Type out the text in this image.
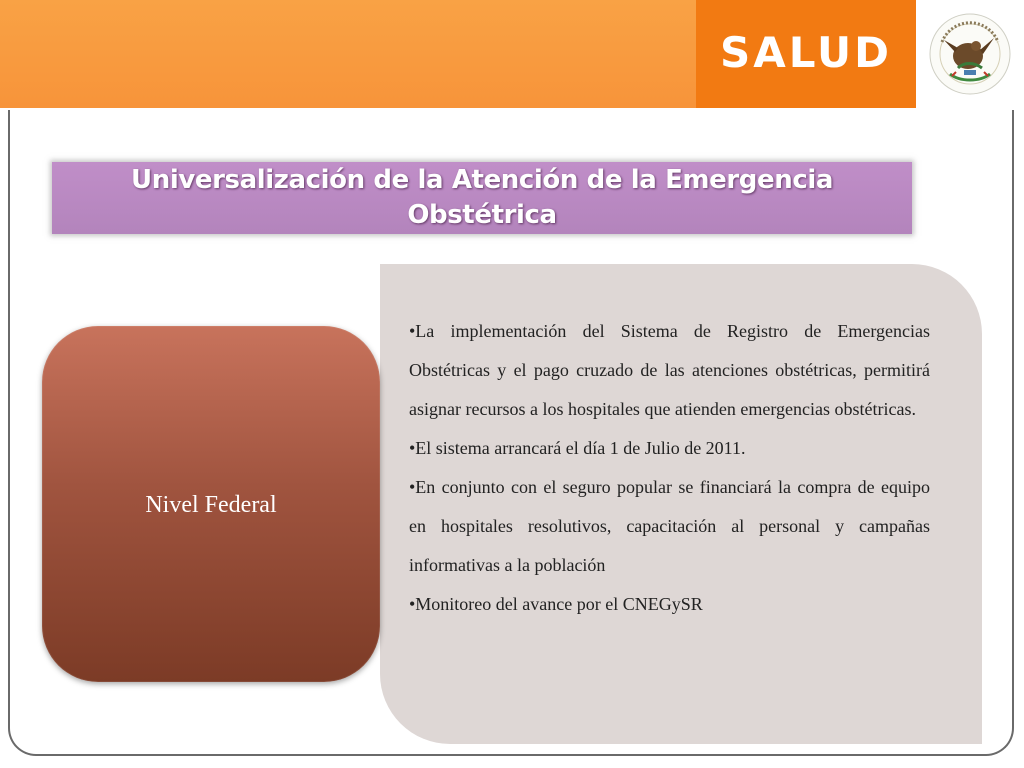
SALUD
Universalización de la Atención de la Emergencia Obstétrica

•La implementación del Sistema de Registro de Emergencias Obstétricas y el pago cruzado de las atenciones obstétricas, permitirá asignar recursos a los hospitales que atienden emergencias obstétricas.

•El sistema arrancará el día 1 de Julio de 2011.

•En conjunto con el seguro popular se financiará la compra de equipo en hospitales resolutivos, capacitación al personal y campañas informativas a la población

•Monitoreo del avance por el CNEGySR

Nivel Federal
